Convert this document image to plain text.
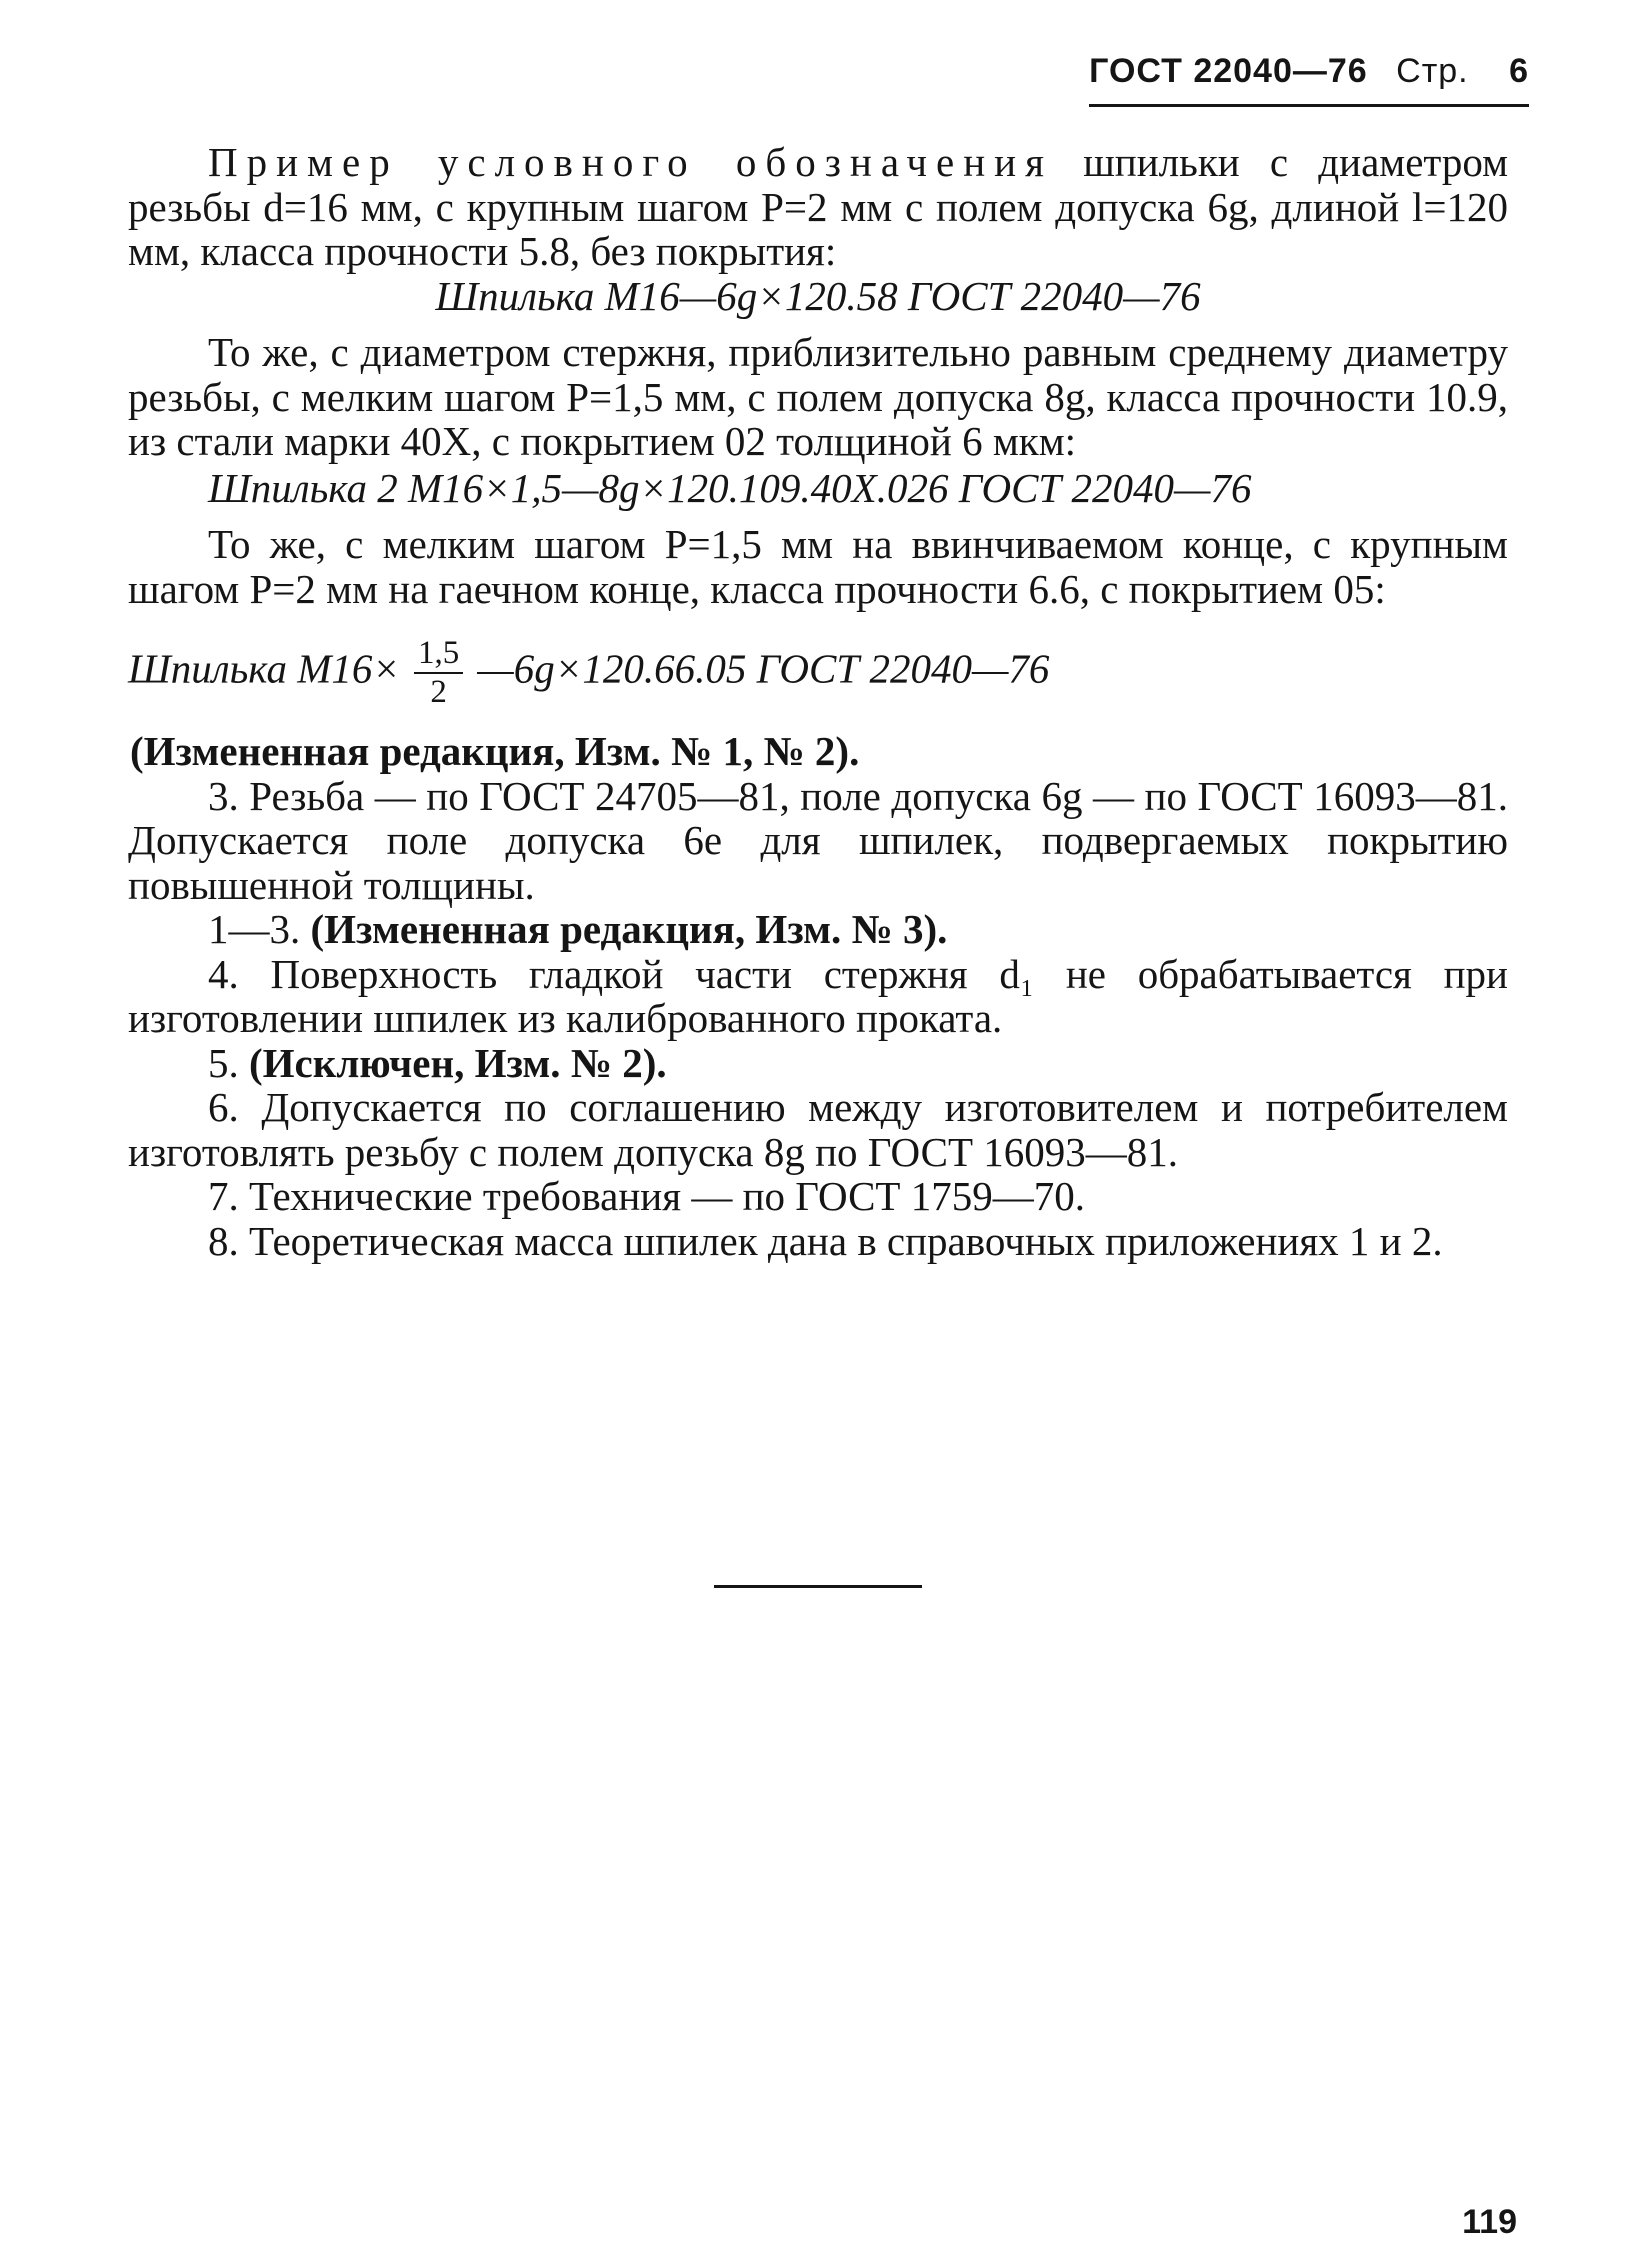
ГОСТ 22040—76 Стр. 6

Пример условного обозначения шпильки с диаметром резьбы d=16 мм, с крупным шагом P=2 мм с полем допуска 6g, длиной l=120 мм, класса прочности 5.8, без покрытия:

Шпилька М16—6g×120.58 ГОСТ 22040—76

То же, с диаметром стержня, приблизительно равным среднему диаметру резьбы, с мелким шагом P=1,5 мм, с полем допуска 8g, класса прочности 10.9, из стали марки 40Х, с покрытием 02 толщиной 6 мкм:

Шпилька 2 М16×1,5—8g×120.109.40Х.026 ГОСТ 22040—76

То же, с мелким шагом P=1,5 мм на ввинчиваемом конце, с крупным шагом P=2 мм на гаечном конце, класса прочности 6.6, с покрытием 05:

Шпилька $М16\times \frac{1,5}{2}$ —6g×120.66.05 ГОСТ 22040—76

(Измененная редакция, Изм. № 1, № 2).

3. Резьба — по ГОСТ 24705—81, поле допуска 6g — по ГОСТ 16093—81. Допускается поле допуска 6е для шпилек, подвергаемых покрытию повышенной толщины.

1—3. (Измененная редакция, Изм. № 3).

4. Поверхность гладкой части стержня d₁ не обрабатывается при изготовлении шпилек из калиброванного проката.

5. (Исключен, Изм. № 2).

6. Допускается по соглашению между изготовителем и потребителем изготовлять резьбу с полем допуска 8g по ГОСТ 16093—81.

7. Технические требования — по ГОСТ 1759—70.

8. Теоретическая масса шпилек дана в справочных приложениях 1 и 2.

119
